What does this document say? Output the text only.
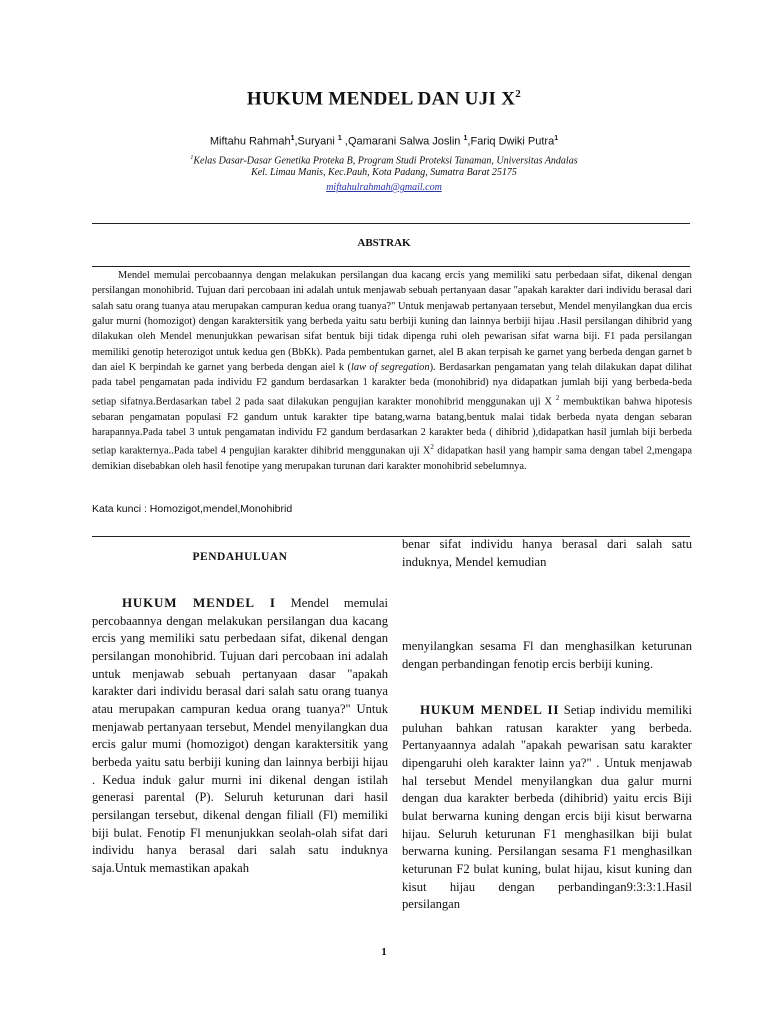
HUKUM MENDEL DAN UJI $X^2$
Miftahu Rahmah$^1$,Suryani $^1$ ,Qamarani Salwa Joslin $^1$,Fariq Dwiki Putra$^1$
$^1$Kelas Dasar-Dasar Genetika Proteka B, Program Studi Proteksi Tanaman, Universitas Andalas
Kel. Limau Manis, Kec.Pauh, Kota Padang, Sumatra Barat 25175
miftahulrahmah@gmail.com
ABSTRAK

Mendel memulai percobaannya dengan melakukan persilangan dua kacang ercis yang memiliki satu perbedaan sifat, dikenal dengan persilangan monohibrid. Tujuan dari percobaan ini adalah untuk menjawab sebuah pertanyaan dasar "apakah karakter dari individu berasal dari salah satu orang tuanya atau merupakan campuran kedua orang tuanya?" Untuk menjawab pertanyaan tersebut, Mendel menyilangkan dua ercis galur murni (homozigot) dengan karaktersitik yang berbeda yaitu satu berbiji kuning dan lainnya berbiji hijau .Hasil persilangan dihibrid yang dilakukan oleh Mendel menunjukkan pewarisan sifat bentuk biji tidak dipenga ruhi oleh pewarisan sifat warna biji. F1 pada persilangan memiliki genotip heterozigot untuk kedua gen (BbKk). Pada pembentukan garnet, alel B akan terpisah ke garnet yang berbeda dengan garnet b dan aiel K berpindah ke garnet yang berbeda dengan aiel k (law of segregation). Berdasarkan pengamatan yang telah dilakukan dapat dilihat pada tabel pengamatan pada individu F2 gandum berdasarkan 1 karakter beda (monohibrid) nya didapatkan jumlah biji yang berbeda-beda setiap sifatnya.Berdasarkan tabel 2 pada saat dilakukan pengujian karakter monohibrid menggunakan uji X $^2$ membuktikan bahwa hipotesis sebaran pengamatan populasi F2 gandum untuk karakter tipe batang,warna batang,bentuk malai tidak berbeda nyata dengan sebaran harapannya.Pada tabel 3 untuk pengamatan individu F2 gandum berdasarkan 2 karakter beda ( dihibrid ),didapatkan hasil jumlah biji berbeda setiap karakternya..Pada tabel 4 pengujian karakter dihibrid menggunakan uji $X^2$ didapatkan hasil yang hampir sama dengan tabel 2,mengapa demikian disebabkan oleh hasil fenotipe yang merupakan turunan dari karakter monohibrid sebelumnya.

Kata kunci : Homozigot,mendel,Monohibrid
PENDAHULUAN

HUKUM MENDEL I Mendel memulai percobaannya dengan melakukan persilangan dua kacang ercis yang memiliki satu perbedaan sifat, dikenal dengan persilangan monohibrid. Tujuan dari percobaan ini adalah untuk menjawab sebuah pertanyaan dasar "apakah karakter dari individu berasal dari salah satu orang tuanya atau merupakan campuran kedua orang tuanya?" Untuk menjawab pertanyaan tersebut, Mendel menyilangkan dua ercis galur mumi (homozigot) dengan karaktersitik yang berbeda yaitu satu berbiji kuning dan lainnya berbiji hijau . Kedua induk galur murni ini dikenal dengan istilah generasi parental (P). Seluruh keturunan dari hasil persilangan tersebut, dikenal dengan filiall (Fl) memiliki biji bulat. Fenotip Fl menunjukkan seolah-olah sifat dari individu hanya berasal dari salah satu induknya saja.Untuk memastikan apakah

benar sifat individu hanya berasal dari salah satu induknya, Mendel kemudian

menyilangkan sesama Fl dan menghasilkan keturunan dengan perbandingan fenotip ercis berbiji kuning.

HUKUM MENDEL II Setiap individu memiliki puluhan bahkan ratusan karakter yang berbeda. Pertanyaannya adalah "apakah pewarisan satu karakter dipengaruhi oleh karakter lainn ya?" . Untuk menjawab hal tersebut Mendel menyilangkan dua galur murni dengan dua karakter berbeda (dihibrid) yaitu ercis Biji bulat berwarna kuning dengan ercis biji kisut berwarna hijau. Seluruh keturunan F1 menghasilkan biji bulat berwarna kuning. Persilangan sesama F1 menghasilkan keturunan F2 bulat kuning, bulat hijau, kisut kuning dan kisut hijau dengan perbandingan9:3:3:1.Hasil persilangan

1
